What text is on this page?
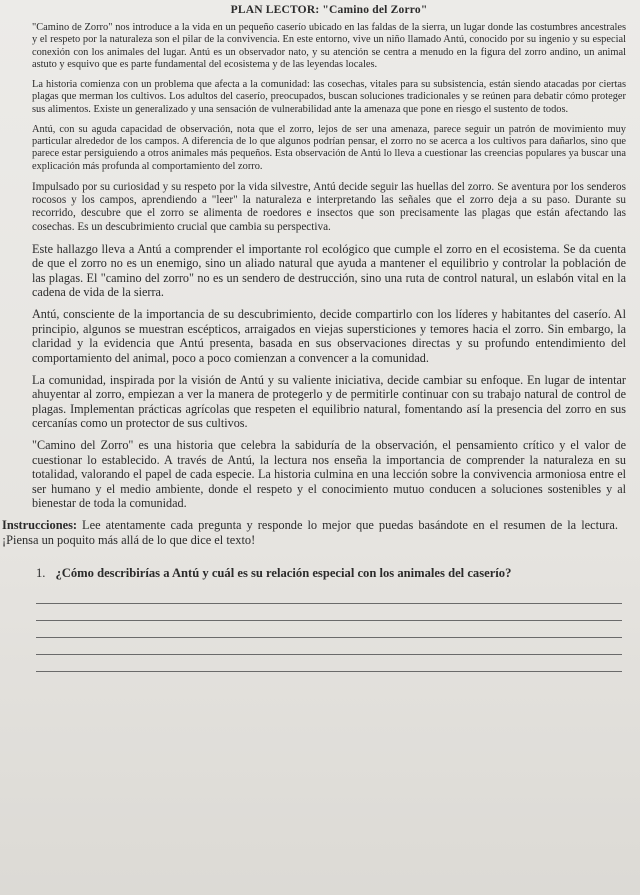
PLAN LECTOR: "Camino del Zorro"

"Camino de Zorro" nos introduce a la vida en un pequeño caserío ubicado en las faldas de la sierra, un lugar donde las costumbres ancestrales y el respeto por la naturaleza son el pilar de la convivencia. En este entorno, vive un niño llamado Antú, conocido por su ingenio y su especial conexión con los animales del lugar. Antú es un observador nato, y su atención se centra a menudo en la figura del zorro andino, un animal astuto y esquivo que es parte fundamental del ecosistema y de las leyendas locales.

La historia comienza con un problema que afecta a la comunidad: las cosechas, vitales para su subsistencia, están siendo atacadas por ciertas plagas que merman los cultivos. Los adultos del caserío, preocupados, buscan soluciones tradicionales y se reúnen para debatir cómo proteger sus alimentos. Existe un generalizado y una sensación de vulnerabilidad ante la amenaza que pone en riesgo el sustento de todos.

Antú, con su aguda capacidad de observación, nota que el zorro, lejos de ser una amenaza, parece seguir un patrón de movimiento muy particular alrededor de los campos. A diferencia de lo que algunos podrían pensar, el zorro no se acerca a los cultivos para dañarlos, sino que parece estar persiguiendo a otros animales más pequeños. Esta observación de Antú lo lleva a cuestionar las creencias populares ya buscar una explicación más profunda al comportamiento del zorro.

Impulsado por su curiosidad y su respeto por la vida silvestre, Antú decide seguir las huellas del zorro. Se aventura por los senderos rocosos y los campos, aprendiendo a "leer" la naturaleza e interpretando las señales que el zorro deja a su paso. Durante su recorrido, descubre que el zorro se alimenta de roedores e insectos que son precisamente las plagas que están afectando las cosechas. Es un descubrimiento crucial que cambia su perspectiva.

Este hallazgo lleva a Antú a comprender el importante rol ecológico que cumple el zorro en el ecosistema. Se da cuenta de que el zorro no es un enemigo, sino un aliado natural que ayuda a mantener el equilibrio y controlar la población de las plagas. El "camino del zorro" no es un sendero de destrucción, sino una ruta de control natural, un eslabón vital en la cadena de vida de la sierra.

Antú, consciente de la importancia de su descubrimiento, decide compartirlo con los líderes y habitantes del caserío. Al principio, algunos se muestran escépticos, arraigados en viejas supersticiones y temores hacia el zorro. Sin embargo, la claridad y la evidencia que Antú presenta, basada en sus observaciones directas y su profundo entendimiento del comportamiento del animal, poco a poco comienzan a convencer a la comunidad.

La comunidad, inspirada por la visión de Antú y su valiente iniciativa, decide cambiar su enfoque. En lugar de intentar ahuyentar al zorro, empiezan a ver la manera de protegerlo y de permitirle continuar con su trabajo natural de control de plagas. Implementan prácticas agrícolas que respeten el equilibrio natural, fomentando así la presencia del zorro en sus cercanías como un protector de sus cultivos.

"Camino del Zorro" es una historia que celebra la sabiduría de la observación, el pensamiento crítico y el valor de cuestionar lo establecido. A través de Antú, la lectura nos enseña la importancia de comprender la naturaleza en su totalidad, valorando el papel de cada especie. La historia culmina en una lección sobre la convivencia armoniosa entre el ser humano y el medio ambiente, donde el respeto y el conocimiento mutuo conducen a soluciones sostenibles y al bienestar de toda la comunidad.

Instrucciones: Lee atentamente cada pregunta y responde lo mejor que puedas basándote en el resumen de la lectura. ¡Piensa un poquito más allá de lo que dice el texto!

1. ¿Cómo describirías a Antú y cuál es su relación especial con los animales del caserío?
